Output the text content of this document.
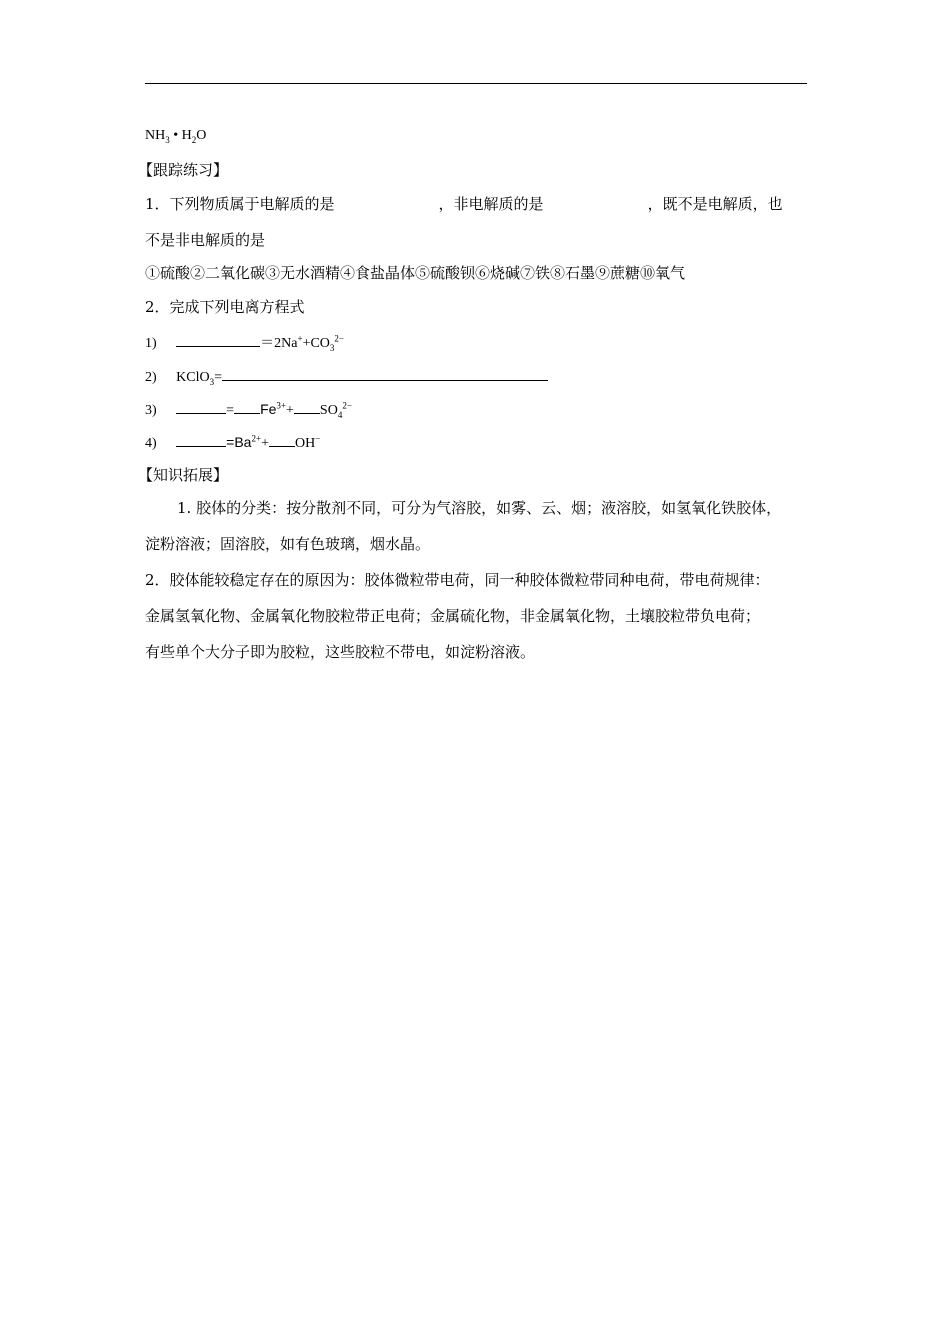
$NH_3$ • $H_2O$
【跟踪练习】
1．下列物质属于电解质的是	，非电解质的是	，既不是电解质，也
不是非电解质的是
①硫酸②二氧化碳③无水酒精④食盐晶体⑤硫酸钡⑥烧碱⑦铁⑧石墨⑨蔗糖⑩氧气
2．完成下列电离方程式
1)	$=2Na^++CO_3^{2-}$
2) KClO$_3$=
3)	= $Fe^{3+}+ SO_4^{2-}$
4)	$=Ba^{2+}+ OH^-$
【知识拓展】
1. 胶体的分类：按分散剂不同，可分为气溶胶，如雾、云、烟；液溶胶，如氢氧化铁胶体，
淀粉溶液；固溶胶，如有色玻璃，烟水晶。
2．胶体能较稳定存在的原因为：胶体微粒带电荷，同一种胶体微粒带同种电荷，带电荷规律：
金属氢氧化物、金属氧化物胶粒带正电荷；金属硫化物，非金属氧化物，土壤胶粒带负电荷；
有些单个大分子即为胶粒，这些胶粒不带电，如淀粉溶液。
